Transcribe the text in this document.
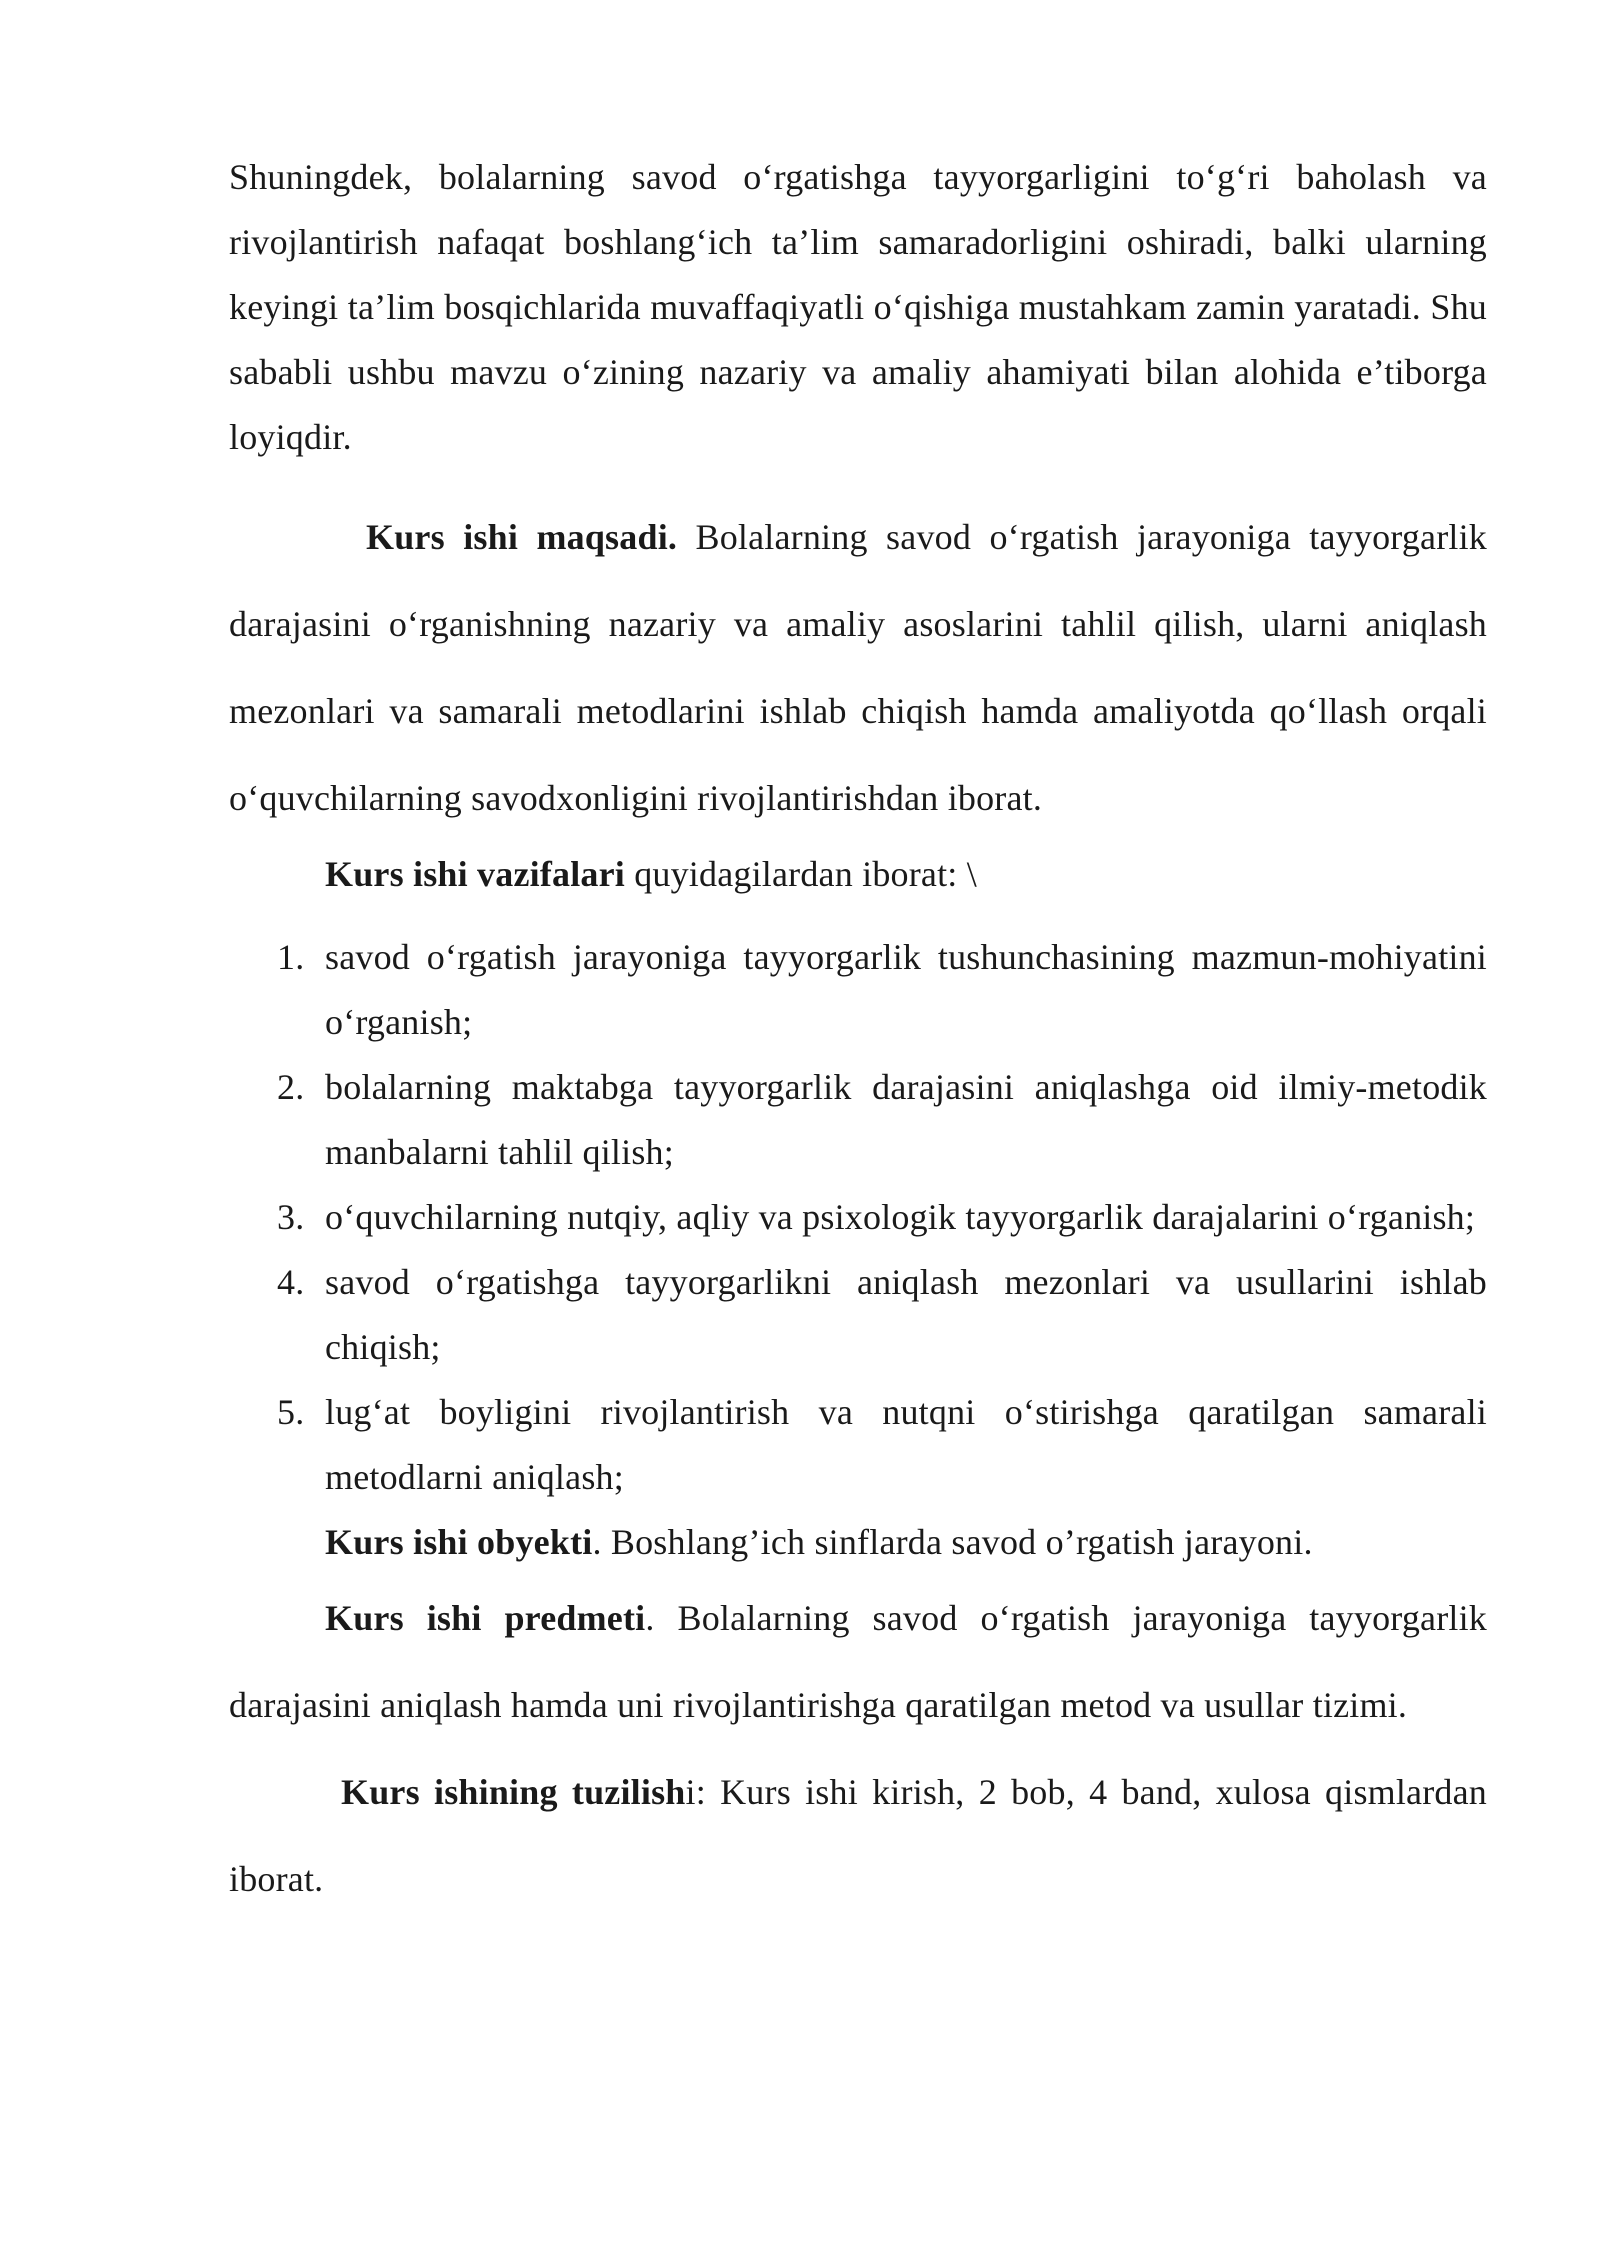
Shuningdek, bolalarning savod o‘rgatishga tayyorgarligini to‘g‘ri baholash va rivojlantirish nafaqat boshlang‘ich ta’lim samaradorligini oshiradi, balki ularning keyingi ta’lim bosqichlarida muvaffaqiyatli o‘qishiga mustahkam zamin yaratadi. Shu sababli ushbu mavzu o‘zining nazariy va amaliy ahamiyati bilan alohida e’tiborga loyiqdir.

Kurs ishi maqsadi. Bolalarning savod o‘rgatish jarayoniga tayyorgarlik darajasini o‘rganishning nazariy va amaliy asoslarini tahlil qilish, ularni aniqlash mezonlari va samarali metodlarini ishlab chiqish hamda amaliyotda qo‘llash orqali o‘quvchilarning savodxonligini rivojlantirishdan iborat.

Kurs ishi vazifalari quyidagilardan iborat: \

1. savod o‘rgatish jarayoniga tayyorgarlik tushunchasining mazmun-mohiyatini o‘rganish;
2. bolalarning maktabga tayyorgarlik darajasini aniqlashga oid ilmiy-metodik manbalarni tahlil qilish;
3. o‘quvchilarning nutqiy, aqliy va psixologik tayyorgarlik darajalarini o‘rganish;
4. savod o‘rgatishga tayyorgarlikni aniqlash mezonlari va usullarini ishlab chiqish;
5. lug‘at boyligini rivojlantirish va nutqni o‘stirishga qaratilgan samarali metodlarni aniqlash;

Kurs ishi obyekti. Boshlang’ich sinflarda savod o’rgatish jarayoni.

Kurs ishi predmeti. Bolalarning savod o‘rgatish jarayoniga tayyorgarlik darajasini aniqlash hamda uni rivojlantirishga qaratilgan metod va usullar tizimi.

Kurs ishining tuzilishi: Kurs ishi kirish, 2 bob, 4 band, xulosa qismlardan iborat.
